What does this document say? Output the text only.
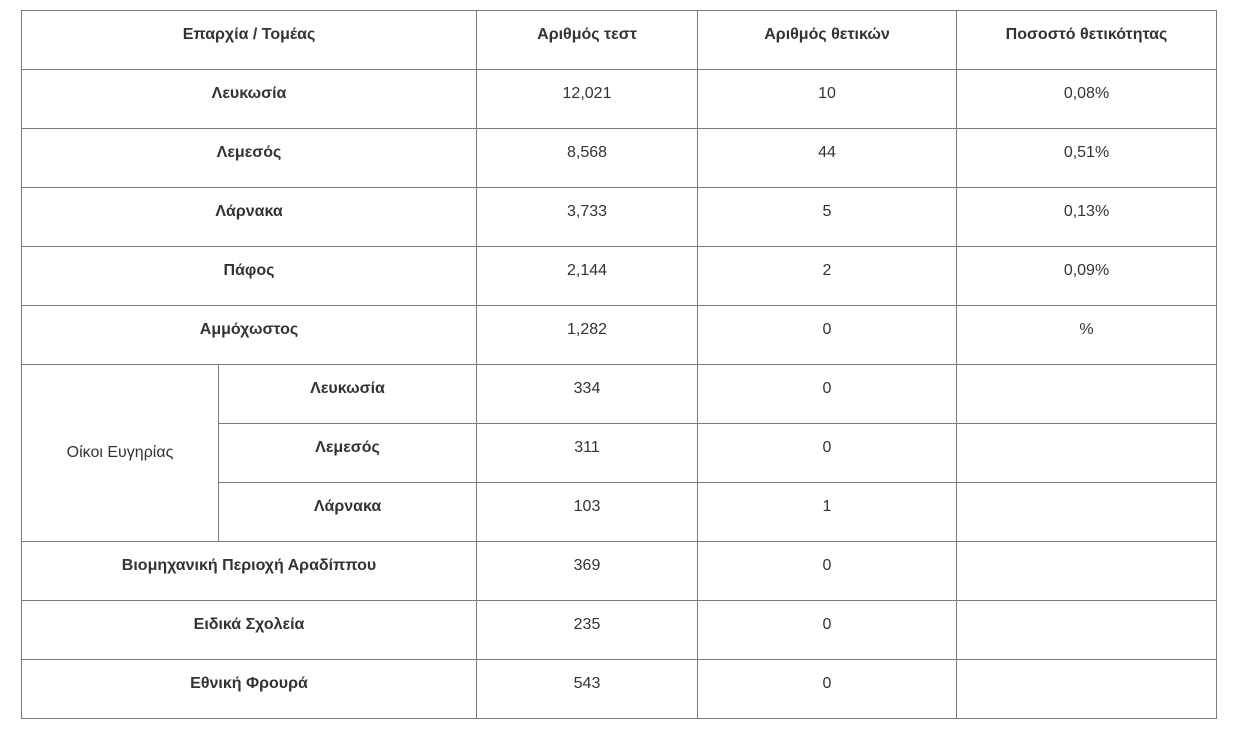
Επαρχία / Τομέας		Αριθμός τεστ	Αριθμός θετικών	Ποσοστό θετικότητας
Λευκωσία		12,021	10	0,08%
Λεμεσός		8,568	44	0,51%
Λάρνακα		3,733	5	0,13%
Πάφος		2,144	2	0,09%
Αμμόχωστος		1,282	0	%
Οίκοι Ευγηρίας	Λευκωσία	334	0	
	Λεμεσός	311	0	
	Λάρνακα	103	1	
Βιομηχανική Περιοχή Αραδίππου		369	0	
Ειδικά Σχολεία		235	0	
Εθνική Φρουρά		543	0	
